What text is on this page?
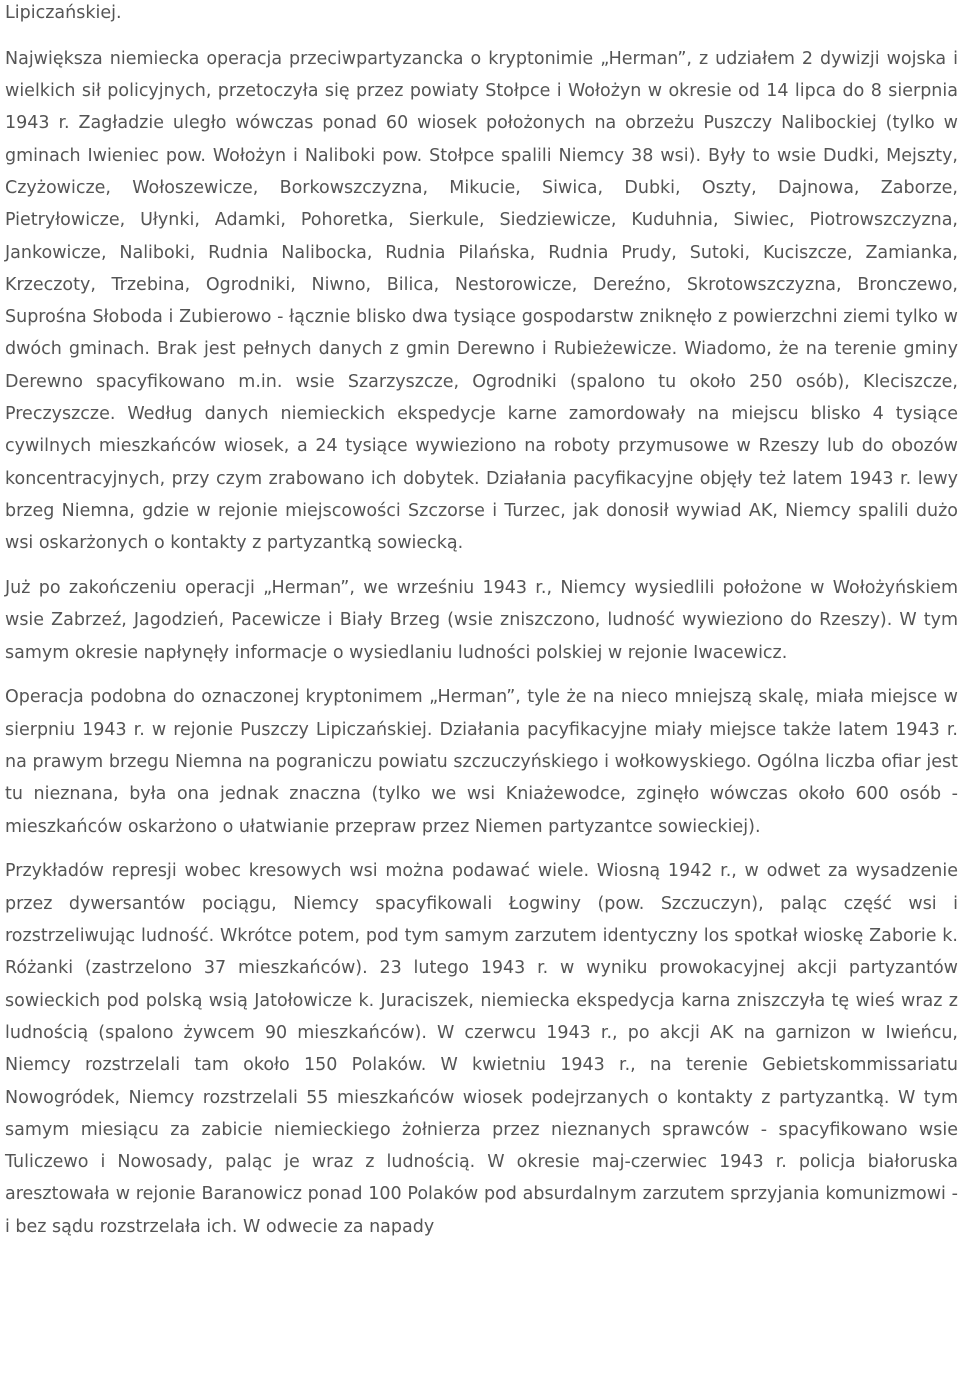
Lipiczańskiej.

Największa niemiecka operacja przeciwpartyzancka o kryptonimie „Herman”, z udziałem 2 dywizji wojska i wielkich sił policyjnych, przetoczyła się przez powiaty Stołpce i Wołożyn w okresie od 14 lipca do 8 sierpnia 1943 r. Zagładzie uległo wówczas ponad 60 wiosek położonych na obrzeżu Puszczy Nalibockiej (tylko w gminach Iwieniec pow. Wołożyn i Naliboki pow. Stołpce spalili Niemcy 38 wsi). Były to wsie Dudki, Mejszty, Czyżowicze, Wołoszewicze, Borkowszczyzna, Mikucie, Siwica, Dubki, Oszty, Dajnowa, Zaborze, Pietryłowicze, Ułynki, Adamki, Pohoretka, Sierkule, Siedziewicze, Kuduhnia, Siwiec, Piotrowszczyzna, Jankowicze, Naliboki, Rudnia Nalibocka, Rudnia Pilańska, Rudnia Prudy, Sutoki, Kuciszcze, Zamianka, Krzeczoty, Trzebina, Ogrodniki, Niwno, Bilica, Nestorowicze, Dereźno, Skrotowszczyzna, Bronczewo, Suprośna Słoboda i Zubierowo - łącznie blisko dwa tysiące gospodarstw zniknęło z powierzchni ziemi tylko w dwóch gminach. Brak jest pełnych danych z gmin Derewno i Rubieżewicze. Wiadomo, że na terenie gminy Derewno spacyfikowano m.in. wsie Szarzyszcze, Ogrodniki (spalono tu około 250 osób), Kleciszcze, Preczyszcze. Według danych niemieckich ekspedycje karne zamordowały na miejscu blisko 4 tysiące cywilnych mieszkańców wiosek, a 24 tysiące wywieziono na roboty przymusowe w Rzeszy lub do obozów koncentracyjnych, przy czym zrabowano ich dobytek. Działania pacyfikacyjne objęły też latem 1943 r. lewy brzeg Niemna, gdzie w rejonie miejscowości Szczorse i Turzec, jak donosił wywiad AK, Niemcy spalili dużo wsi oskarżonych o kontakty z partyzantką sowiecką.

Już po zakończeniu operacji „Herman”, we wrześniu 1943 r., Niemcy wysiedlili położone w Wołożyńskiem wsie Zabrzeź, Jagodzień, Pacewicze i Biały Brzeg (wsie zniszczono, ludność wywieziono do Rzeszy). W tym samym okresie napłynęły informacje o wysiedlaniu ludności polskiej w rejonie Iwacewicz.

Operacja podobna do oznaczonej kryptonimem „Herman”, tyle że na nieco mniejszą skalę, miała miejsce w sierpniu 1943 r. w rejonie Puszczy Lipiczańskiej. Działania pacyfikacyjne miały miejsce także latem 1943 r. na prawym brzegu Niemna na pograniczu powiatu szczuczyńskiego i wołkowyskiego. Ogólna liczba ofiar jest tu nieznana, była ona jednak znaczna (tylko we wsi Kniażewodce, zginęło wówczas około 600 osób - mieszkańców oskarżono o ułatwianie przepraw przez Niemen partyzantce sowieckiej).

Przykładów represji wobec kresowych wsi można podawać wiele. Wiosną 1942 r., w odwet za wysadzenie przez dywersantów pociągu, Niemcy spacyfikowali Łogwiny (pow. Szczuczyn), paląc część wsi i rozstrzeliwując ludność. Wkrótce potem, pod tym samym zarzutem identyczny los spotkał wioskę Zaborie k. Różanki (zastrzelono 37 mieszkańców). 23 lutego 1943 r. w wyniku prowokacyjnej akcji partyzantów sowieckich pod polską wsią Jatołowicze k. Juraciszek, niemiecka ekspedycja karna zniszczyła tę wieś wraz z ludnością (spalono żywcem 90 mieszkańców). W czerwcu 1943 r., po akcji AK na garnizon w Iwieńcu, Niemcy rozstrzelali tam około 150 Polaków. W kwietniu 1943 r., na terenie Gebietskommissariatu Nowogródek, Niemcy rozstrzelali 55 mieszkańców wiosek podejrzanych o kontakty z partyzantką. W tym samym miesiącu za zabicie niemieckiego żołnierza przez nieznanych sprawców - spacyfikowano wsie Tuliczewo i Nowosady, paląc je wraz z ludnością. W okresie maj-czerwiec 1943 r. policja białoruska aresztowała w rejonie Baranowicz ponad 100 Polaków pod absurdalnym zarzutem sprzyjania komunizmowi - i bez sądu rozstrzelała ich. W odwecie za napady
